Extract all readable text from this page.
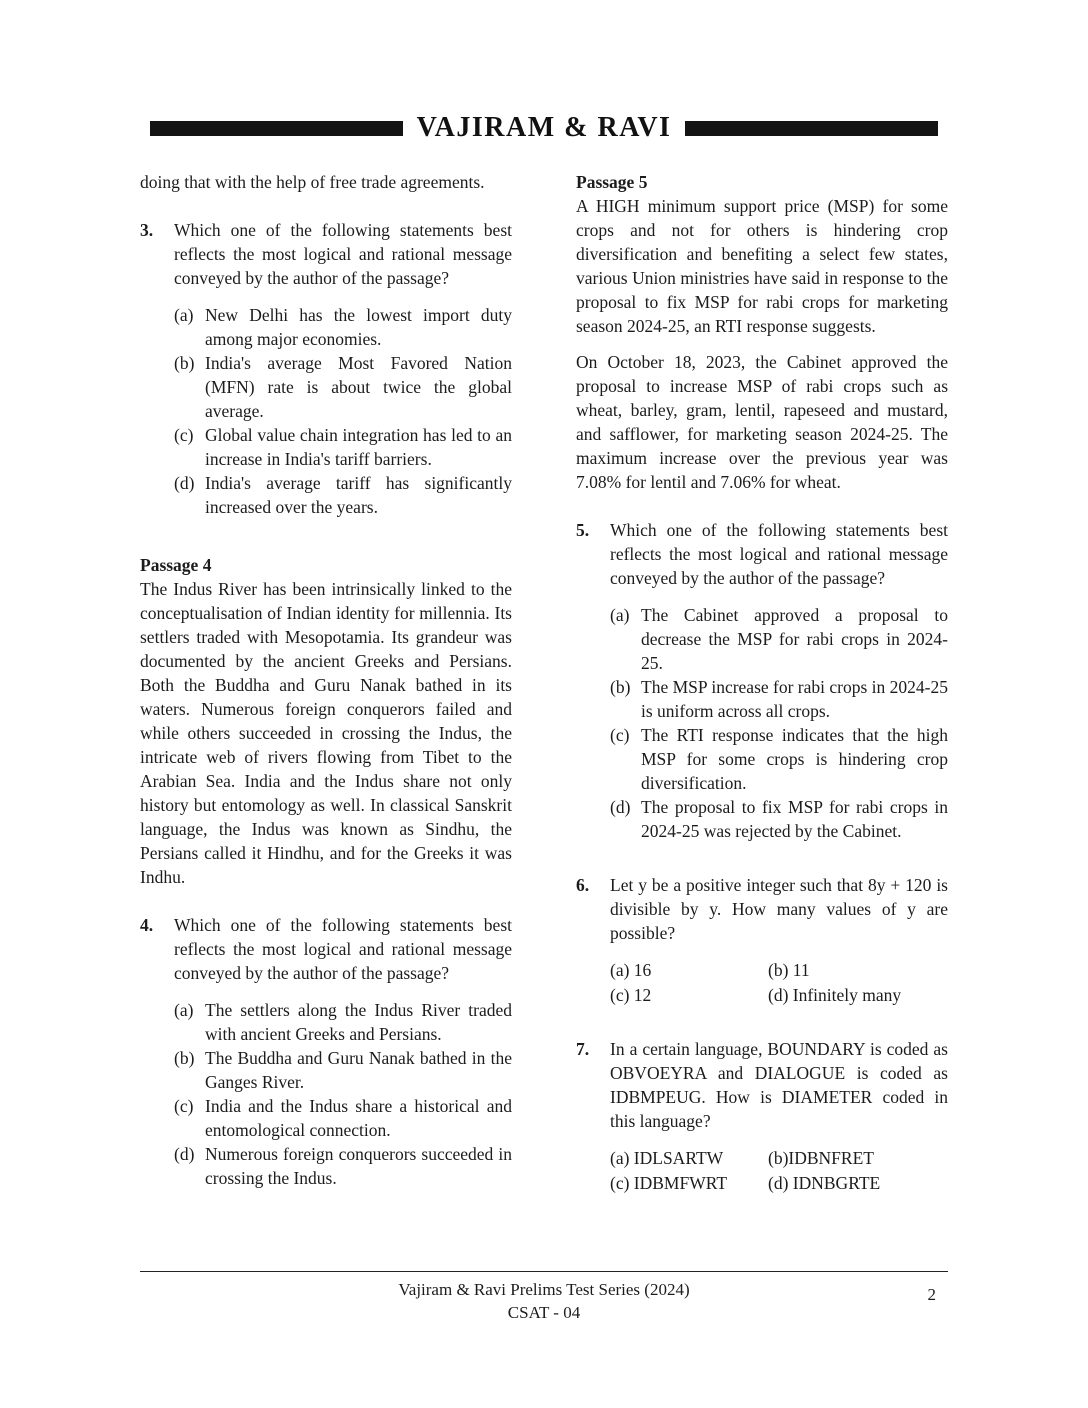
VAJIRAM & RAVI

doing that with the help of free trade agreements.

3.	Which one of the following statements best reflects the most logical and rational message conveyed by the author of the passage?
(a) New Delhi has the lowest import duty among major economies.
(b) India's average Most Favored Nation (MFN) rate is about twice the global average.
(c) Global value chain integration has led to an increase in India's tariff barriers.
(d) India's average tariff has significantly increased over the years.
Passage 4

The Indus River has been intrinsically linked to the conceptualisation of Indian identity for millennia. Its settlers traded with Mesopotamia. Its grandeur was documented by the ancient Greeks and Persians. Both the Buddha and Guru Nanak bathed in its waters. Numerous foreign conquerors failed and while others succeeded in crossing the Indus, the intricate web of rivers flowing from Tibet to the Arabian Sea. India and the Indus share not only history but entomology as well. In classical Sanskrit language, the Indus was known as Sindhu, the Persians called it Hindhu, and for the Greeks it was Indhu.

4.	Which one of the following statements best reflects the most logical and rational message conveyed by the author of the passage?
(a) The settlers along the Indus River traded with ancient Greeks and Persians.
(b) The Buddha and Guru Nanak bathed in the Ganges River.
(c) India and the Indus share a historical and entomological connection.
(d) Numerous foreign conquerors succeeded in crossing the Indus.
Passage 5

A HIGH minimum support price (MSP) for some crops and not for others is hindering crop diversification and benefiting a select few states, various Union ministries have said in response to the proposal to fix MSP for rabi crops for marketing season 2024-25, an RTI response suggests.

On October 18, 2023, the Cabinet approved the proposal to increase MSP of rabi crops such as wheat, barley, gram, lentil, rapeseed and mustard, and safflower, for marketing season 2024-25. The maximum increase over the previous year was 7.08% for lentil and 7.06% for wheat.

5.	Which one of the following statements best reflects the most logical and rational message conveyed by the author of the passage?
(a) The Cabinet approved a proposal to decrease the MSP for rabi crops in 2024-25.
(b) The MSP increase for rabi crops in 2024-25 is uniform across all crops.
(c) The RTI response indicates that the high MSP for some crops is hindering crop diversification.
(d) The proposal to fix MSP for rabi crops in 2024-25 was rejected by the Cabinet.
6.	Let y be a positive integer such that 8y + 120 is divisible by y. How many values of y are possible?
(a) 16	(b) 11
(c) 12	(d) Infinitely many
7.	In a certain language, BOUNDARY is coded as OBVOEYRA and DIALOGUE is coded as IDBMPEUG. How is DIAMETER coded in this language?
(a) IDLSARTW	(b)IDBNFRET
(c) IDBMFWRT	(d) IDNBGRTE
Vajiram & Ravi Prelims Test Series (2024)
CSAT - 04
2
